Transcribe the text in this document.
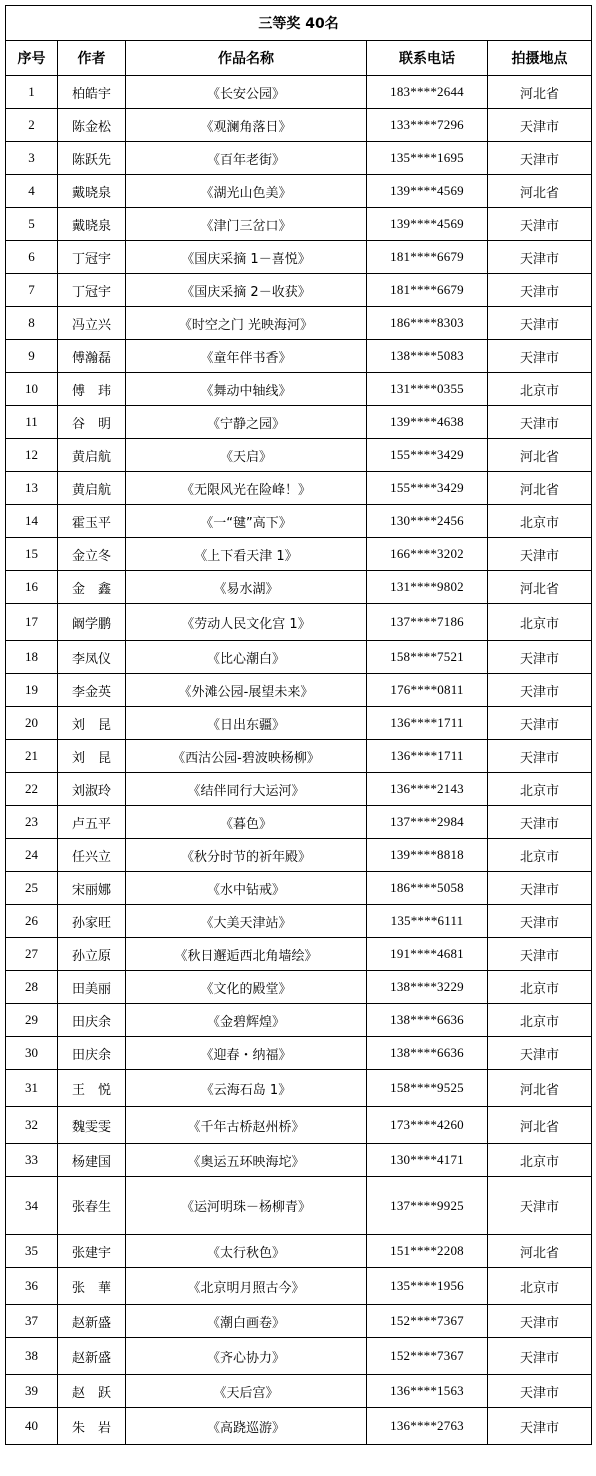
三等奖 40名				
序号	作者	作品名称	联系电话	拍摄地点
1	柏皓宇	《长安公园》	183****2644	河北省
2	陈金松	《观澜角落日》	133****7296	天津市
3	陈跃先	《百年老街》	135****1695	天津市
4	戴晓泉	《湖光山色美》	139****4569	河北省
5	戴晓泉	《津门三岔口》	139****4569	天津市
6	丁冠宇	《国庆采摘 1－喜悦》	181****6679	天津市
7	丁冠宇	《国庆采摘 2－收获》	181****6679	天津市
8	冯立兴	《时空之门 光映海河》	186****8303	天津市
9	傅瀚磊	《童年伴书香》	138****5083	天津市
10	傅　玮	《舞动中轴线》	131****0355	北京市
11	谷　明	《宁静之园》	139****4638	天津市
12	黄启航	《天启》	155****3429	河北省
13	黄启航	《无限风光在险峰！》	155****3429	河北省
14	霍玉平	《一“毽”高下》	130****2456	北京市
15	金立冬	《上下看天津 1》	166****3202	天津市
16	金　鑫	《易水湖》	131****9802	河北省
17	阚学鹏	《劳动人民文化宫 1》	137****7186	北京市
18	李凤仪	《比心潮白》	158****7521	天津市
19	李金英	《外滩公园-展望未来》	176****0811	天津市
20	刘　昆	《日出东疆》	136****1711	天津市
21	刘　昆	《西沽公园-碧波映杨柳》	136****1711	天津市
22	刘淑玲	《结伴同行大运河》	136****2143	北京市
23	卢五平	《暮色》	137****2984	天津市
24	任兴立	《秋分时节的祈年殿》	139****8818	北京市
25	宋丽娜	《水中钻戒》	186****5058	天津市
26	孙家旺	《大美天津站》	135****6111	天津市
27	孙立原	《秋日邂逅西北角墙绘》	191****4681	天津市
28	田美丽	《文化的殿堂》	138****3229	北京市
29	田庆余	《金碧辉煌》	138****6636	北京市
30	田庆余	《迎春・纳福》	138****6636	天津市
31	王　悦	《云海石岛 1》	158****9525	河北省
32	魏雯雯	《千年古桥赵州桥》	173****4260	河北省
33	杨建国	《奥运五环映海坨》	130****4171	北京市
34	张春生	《运河明珠－杨柳青》	137****9925	天津市
35	张建宇	《太行秋色》	151****2208	河北省
36	张　華	《北京明月照古今》	135****1956	北京市
37	赵新盛	《潮白画卷》	152****7367	天津市
38	赵新盛	《齐心协力》	152****7367	天津市
39	赵　跃	《天后宫》	136****1563	天津市
40	朱　岩	《高跷巡游》	136****2763	天津市
